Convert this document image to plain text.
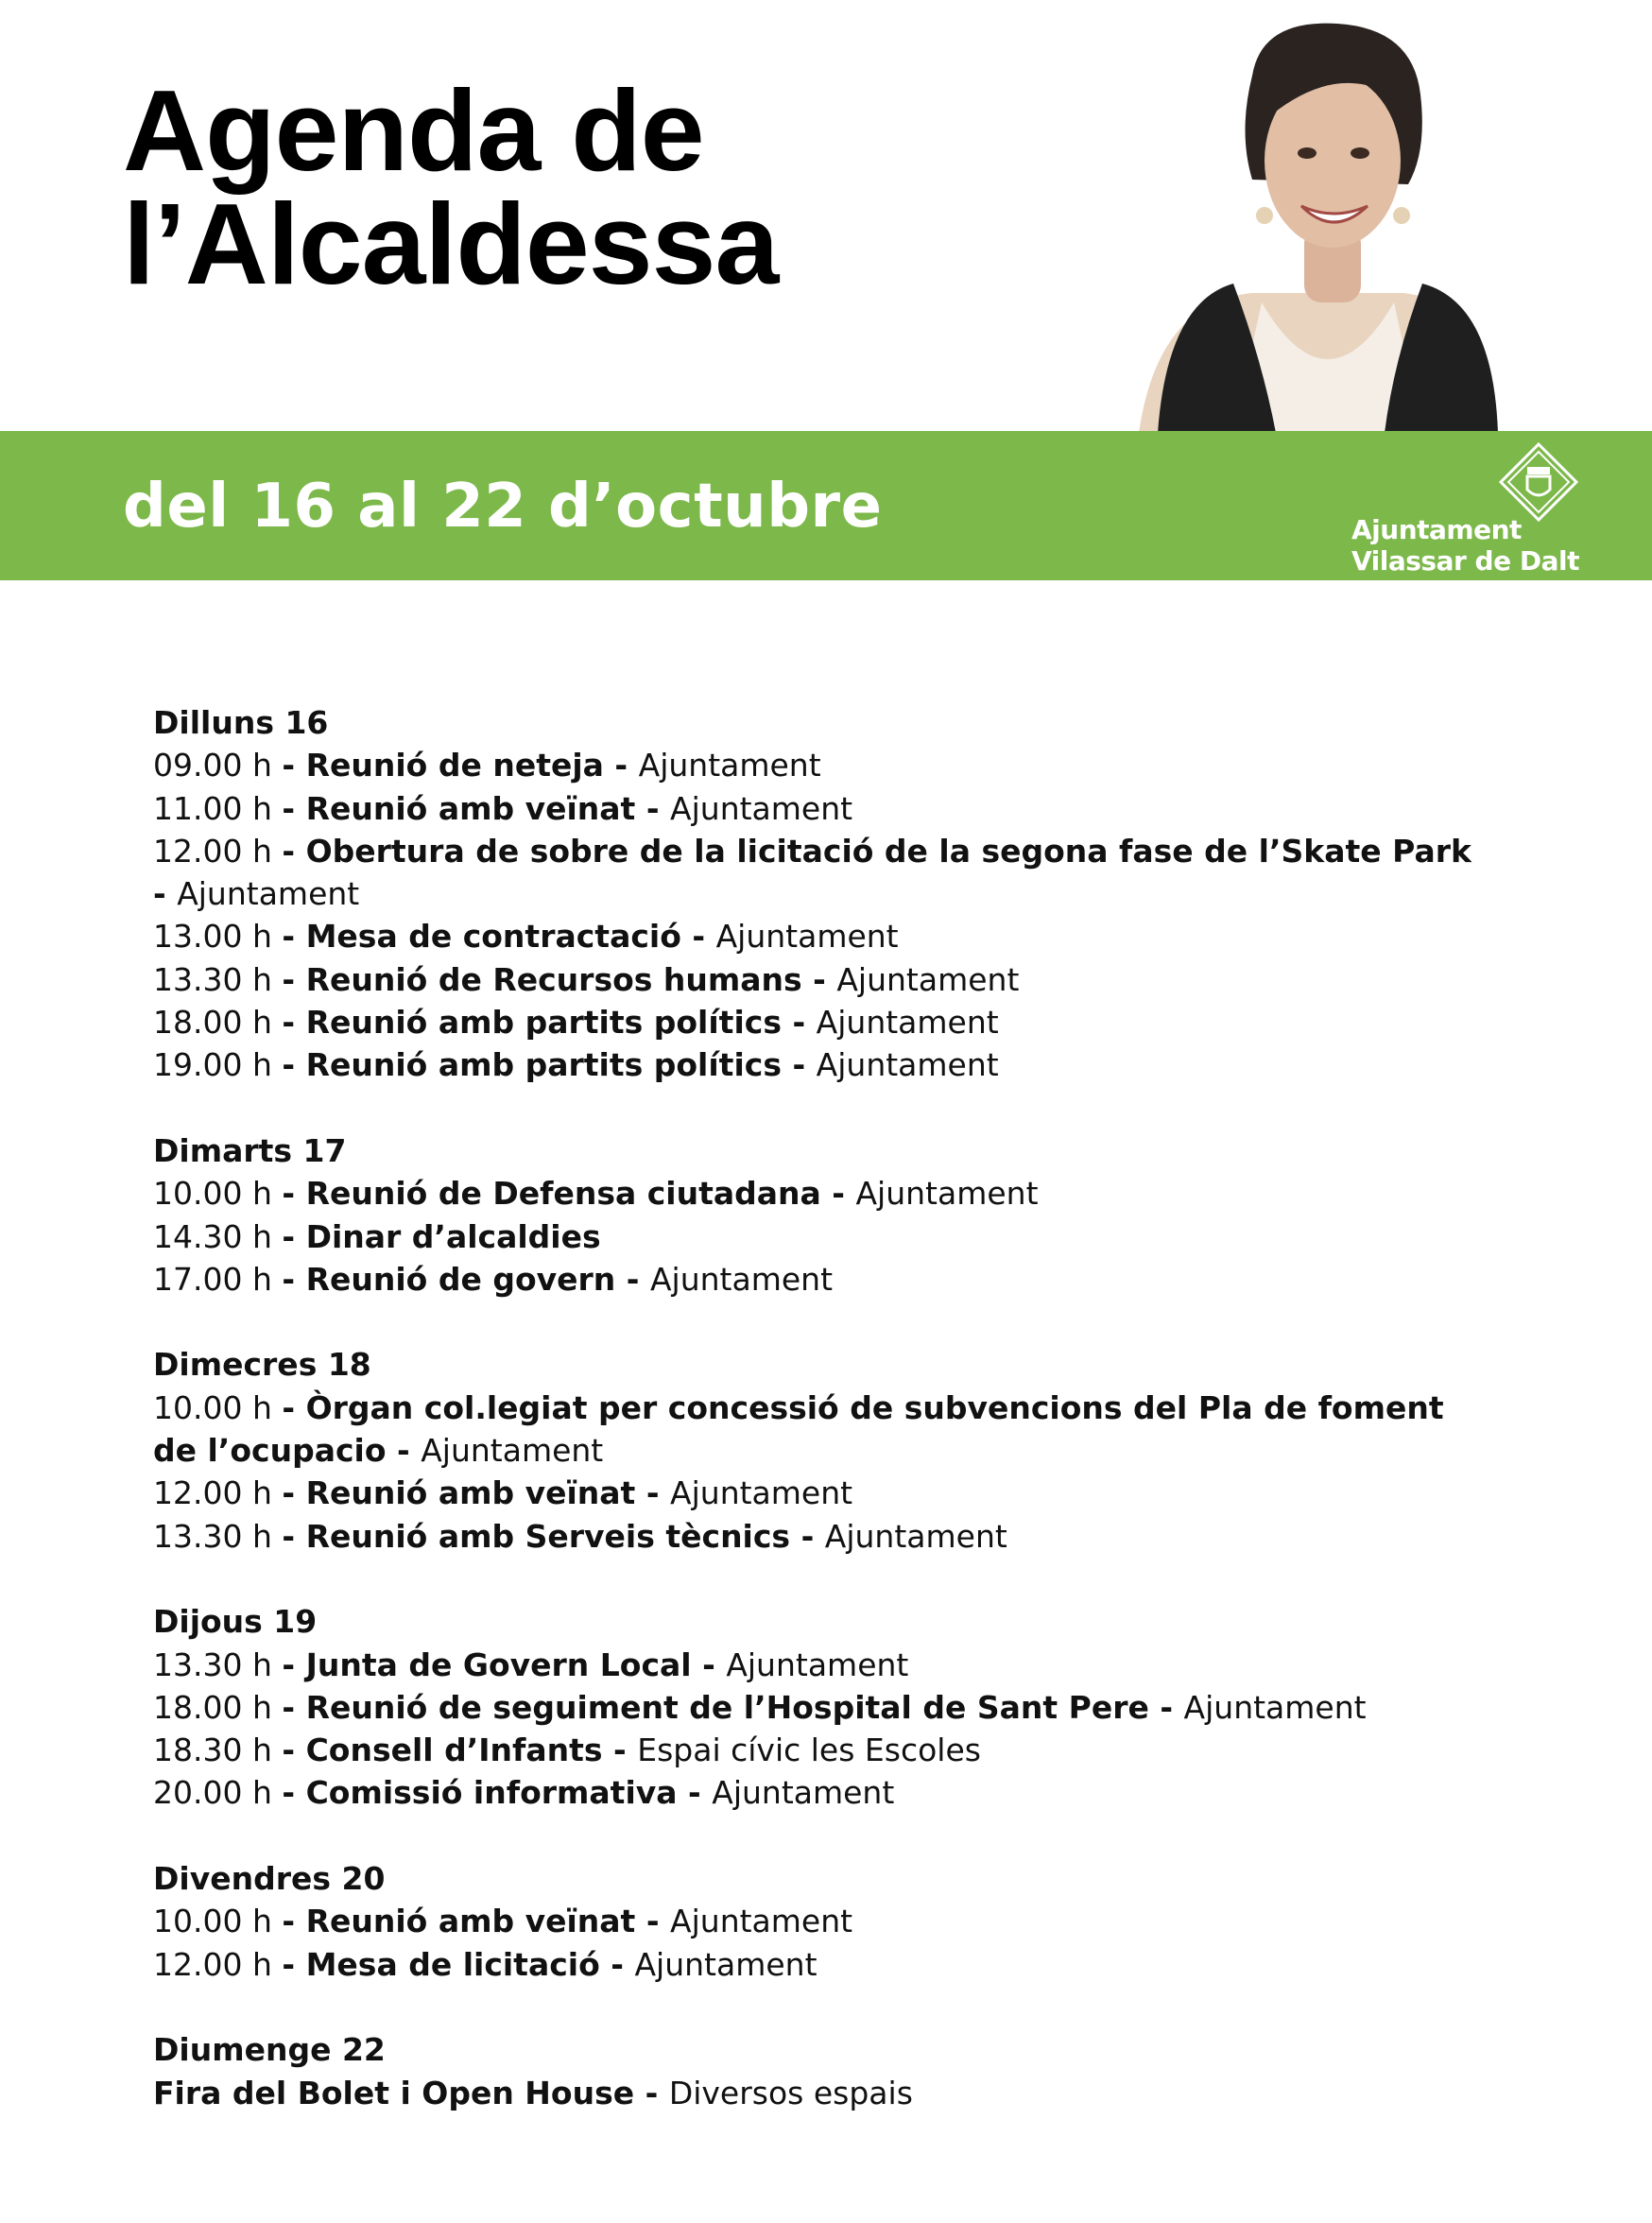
Agenda de
l’Alcaldessa
del 16 al 22 d’octubre	Ajuntament
Vilassar de Dalt
Dilluns 16
09.00 h - Reunió de neteja - Ajuntament
11.00 h - Reunió amb veïnat - Ajuntament
12.00 h - Obertura de sobre de la licitació de la segona fase de l’Skate Park - Ajuntament
13.00 h - Mesa de contractació - Ajuntament
13.30 h - Reunió de Recursos humans - Ajuntament
18.00 h - Reunió amb partits polítics - Ajuntament
19.00 h - Reunió amb partits polítics - Ajuntament
Dimarts 17
10.00 h - Reunió de Defensa ciutadana - Ajuntament
14.30 h - Dinar d’alcaldies
17.00 h - Reunió de govern - Ajuntament
Dimecres 18
10.00 h - Òrgan col.legiat per concessió de subvencions del Pla de foment de l’ocupacio - Ajuntament
12.00 h - Reunió amb veïnat - Ajuntament
13.30 h - Reunió amb Serveis tècnics - Ajuntament
Dijous 19
13.30 h - Junta de Govern Local - Ajuntament
18.00 h - Reunió de seguiment de l’Hospital de Sant Pere - Ajuntament
18.30 h - Consell d’Infants - Espai cívic les Escoles
20.00 h - Comissió informativa - Ajuntament
Divendres 20
10.00 h - Reunió amb veïnat - Ajuntament
12.00 h - Mesa de licitació - Ajuntament
Diumenge 22
Fira del Bolet i Open House - Diversos espais
